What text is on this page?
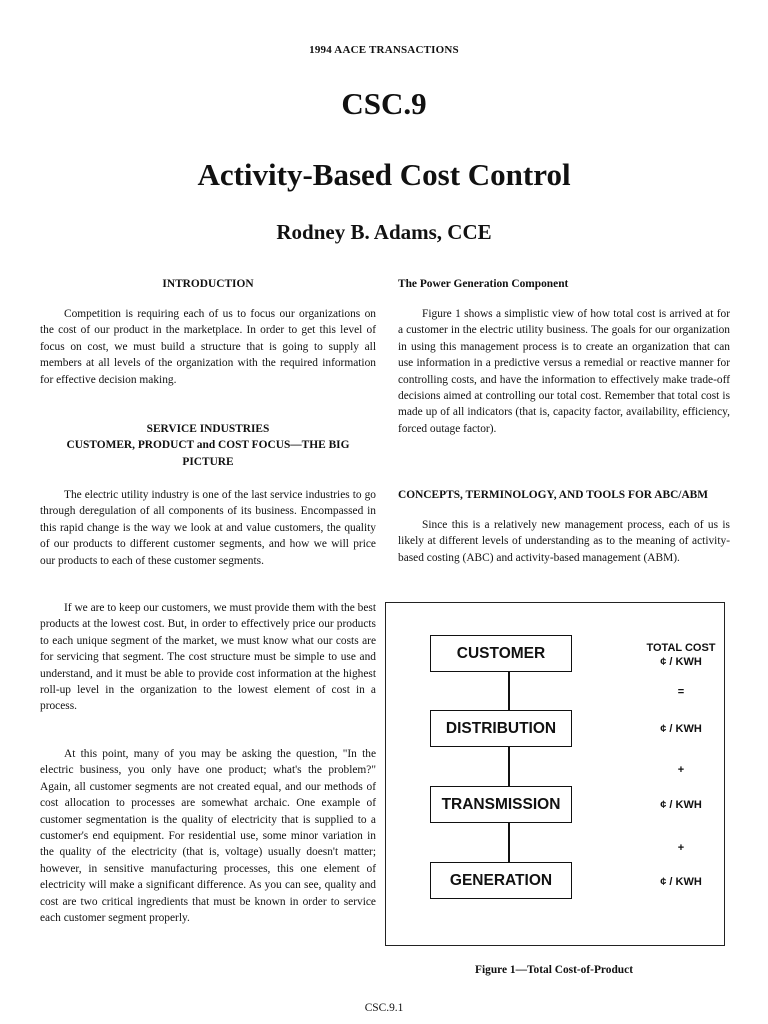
1994 AACE TRANSACTIONS
CSC.9
Activity-Based Cost Control
Rodney B. Adams, CCE
INTRODUCTION

Competition is requiring each of us to focus our organizations on the cost of our product in the marketplace. In order to get this level of focus on cost, we must build a structure that is going to supply all members at all levels of the organization with the required information for effective decision making.

SERVICE INDUSTRIES
CUSTOMER, PRODUCT and COST FOCUS—THE BIG PICTURE

The electric utility industry is one of the last service industries to go through deregulation of all components of its business. Encompassed in this rapid change is the way we look at and value customers, the quality of our products to different customer segments, and how we will price our products to each of these customer segments.

If we are to keep our customers, we must provide them with the best products at the lowest cost. But, in order to effectively price our products to each unique segment of the market, we must know what our costs are for servicing that segment. The cost structure must be simple to use and understand, and it must be able to provide cost information at the highest roll-up level in the organization to the lowest element of cost in a process.

At this point, many of you may be asking the question, "In the electric business, you only have one product; what's the problem?" Again, all customer segments are not created equal, and our methods of cost allocation to processes are somewhat archaic. One example of customer segmentation is the quality of electricity that is supplied to a customer's end equipment. For residential use, some minor variation in the quality of the electricity (that is, voltage) usually doesn't matter; however, in sensitive manufacturing processes, this one element of electricity will make a significant difference. As you can see, quality and cost are two critical ingredients that must be known in order to service each customer segment properly.

The Power Generation Component

Figure 1 shows a simplistic view of how total cost is arrived at for a customer in the electric utility business. The goals for our organization in using this management process is to create an organization that can use information in a predictive versus a remedial or reactive manner for controlling costs, and have the information to effectively make trade-off decisions aimed at controlling our total cost. Remember that total cost is made up of all indicators (that is, capacity factor, availability, efficiency, forced outage factor).

CONCEPTS, TERMINOLOGY, AND TOOLS FOR ABC/ABM

Since this is a relatively new management process, each of us is likely at different levels of understanding as to the meaning of activity-based costing (ABC) and activity-based management (ABM).

CUSTOMER
DISTRIBUTION
TRANSMISSION
GENERATION
TOTAL COST
¢ / KWH
=
¢ / KWH
+
¢ / KWH
+
¢ / KWH
Figure 1—Total Cost-of-Product
CSC.9.1
